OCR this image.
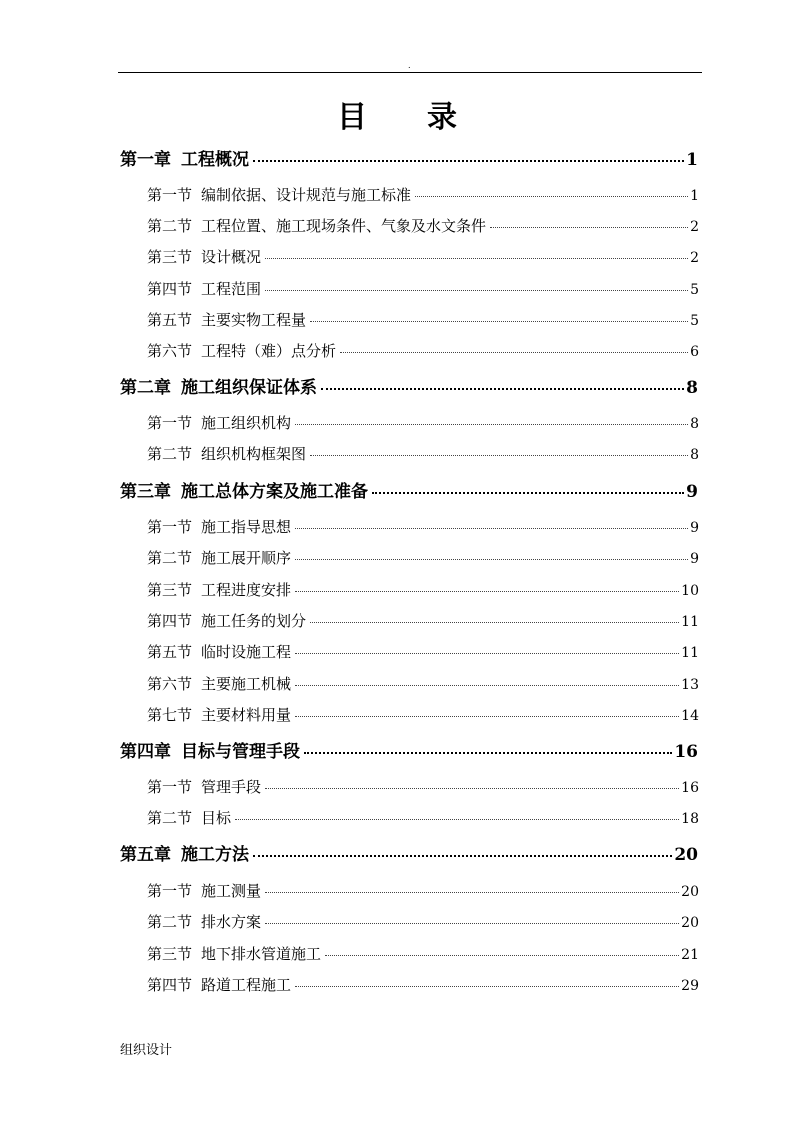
.
目录
第一章 工程概况	1
第一节 编制依据、设计规范与施工标准	1
第二节 工程位置、施工现场条件、气象及水文条件	2
第三节 设计概况	2
第四节 工程范围	5
第五节 主要实物工程量	5
第六节 工程特（难）点分析	6
第二章 施工组织保证体系	8
第一节 施工组织机构	8
第二节 组织机构框架图	8
第三章 施工总体方案及施工准备	9
第一节 施工指导思想	9
第二节 施工展开顺序	9
第三节 工程进度安排	10
第四节 施工任务的划分	11
第五节 临时设施工程	11
第六节 主要施工机械	13
第七节 主要材料用量	14
第四章 目标与管理手段	16
第一节 管理手段	16
第二节 目标	18
第五章 施工方法	20
第一节 施工测量	20
第二节 排水方案	20
第三节 地下排水管道施工	21
第四节 路道工程施工	29
组织设计
